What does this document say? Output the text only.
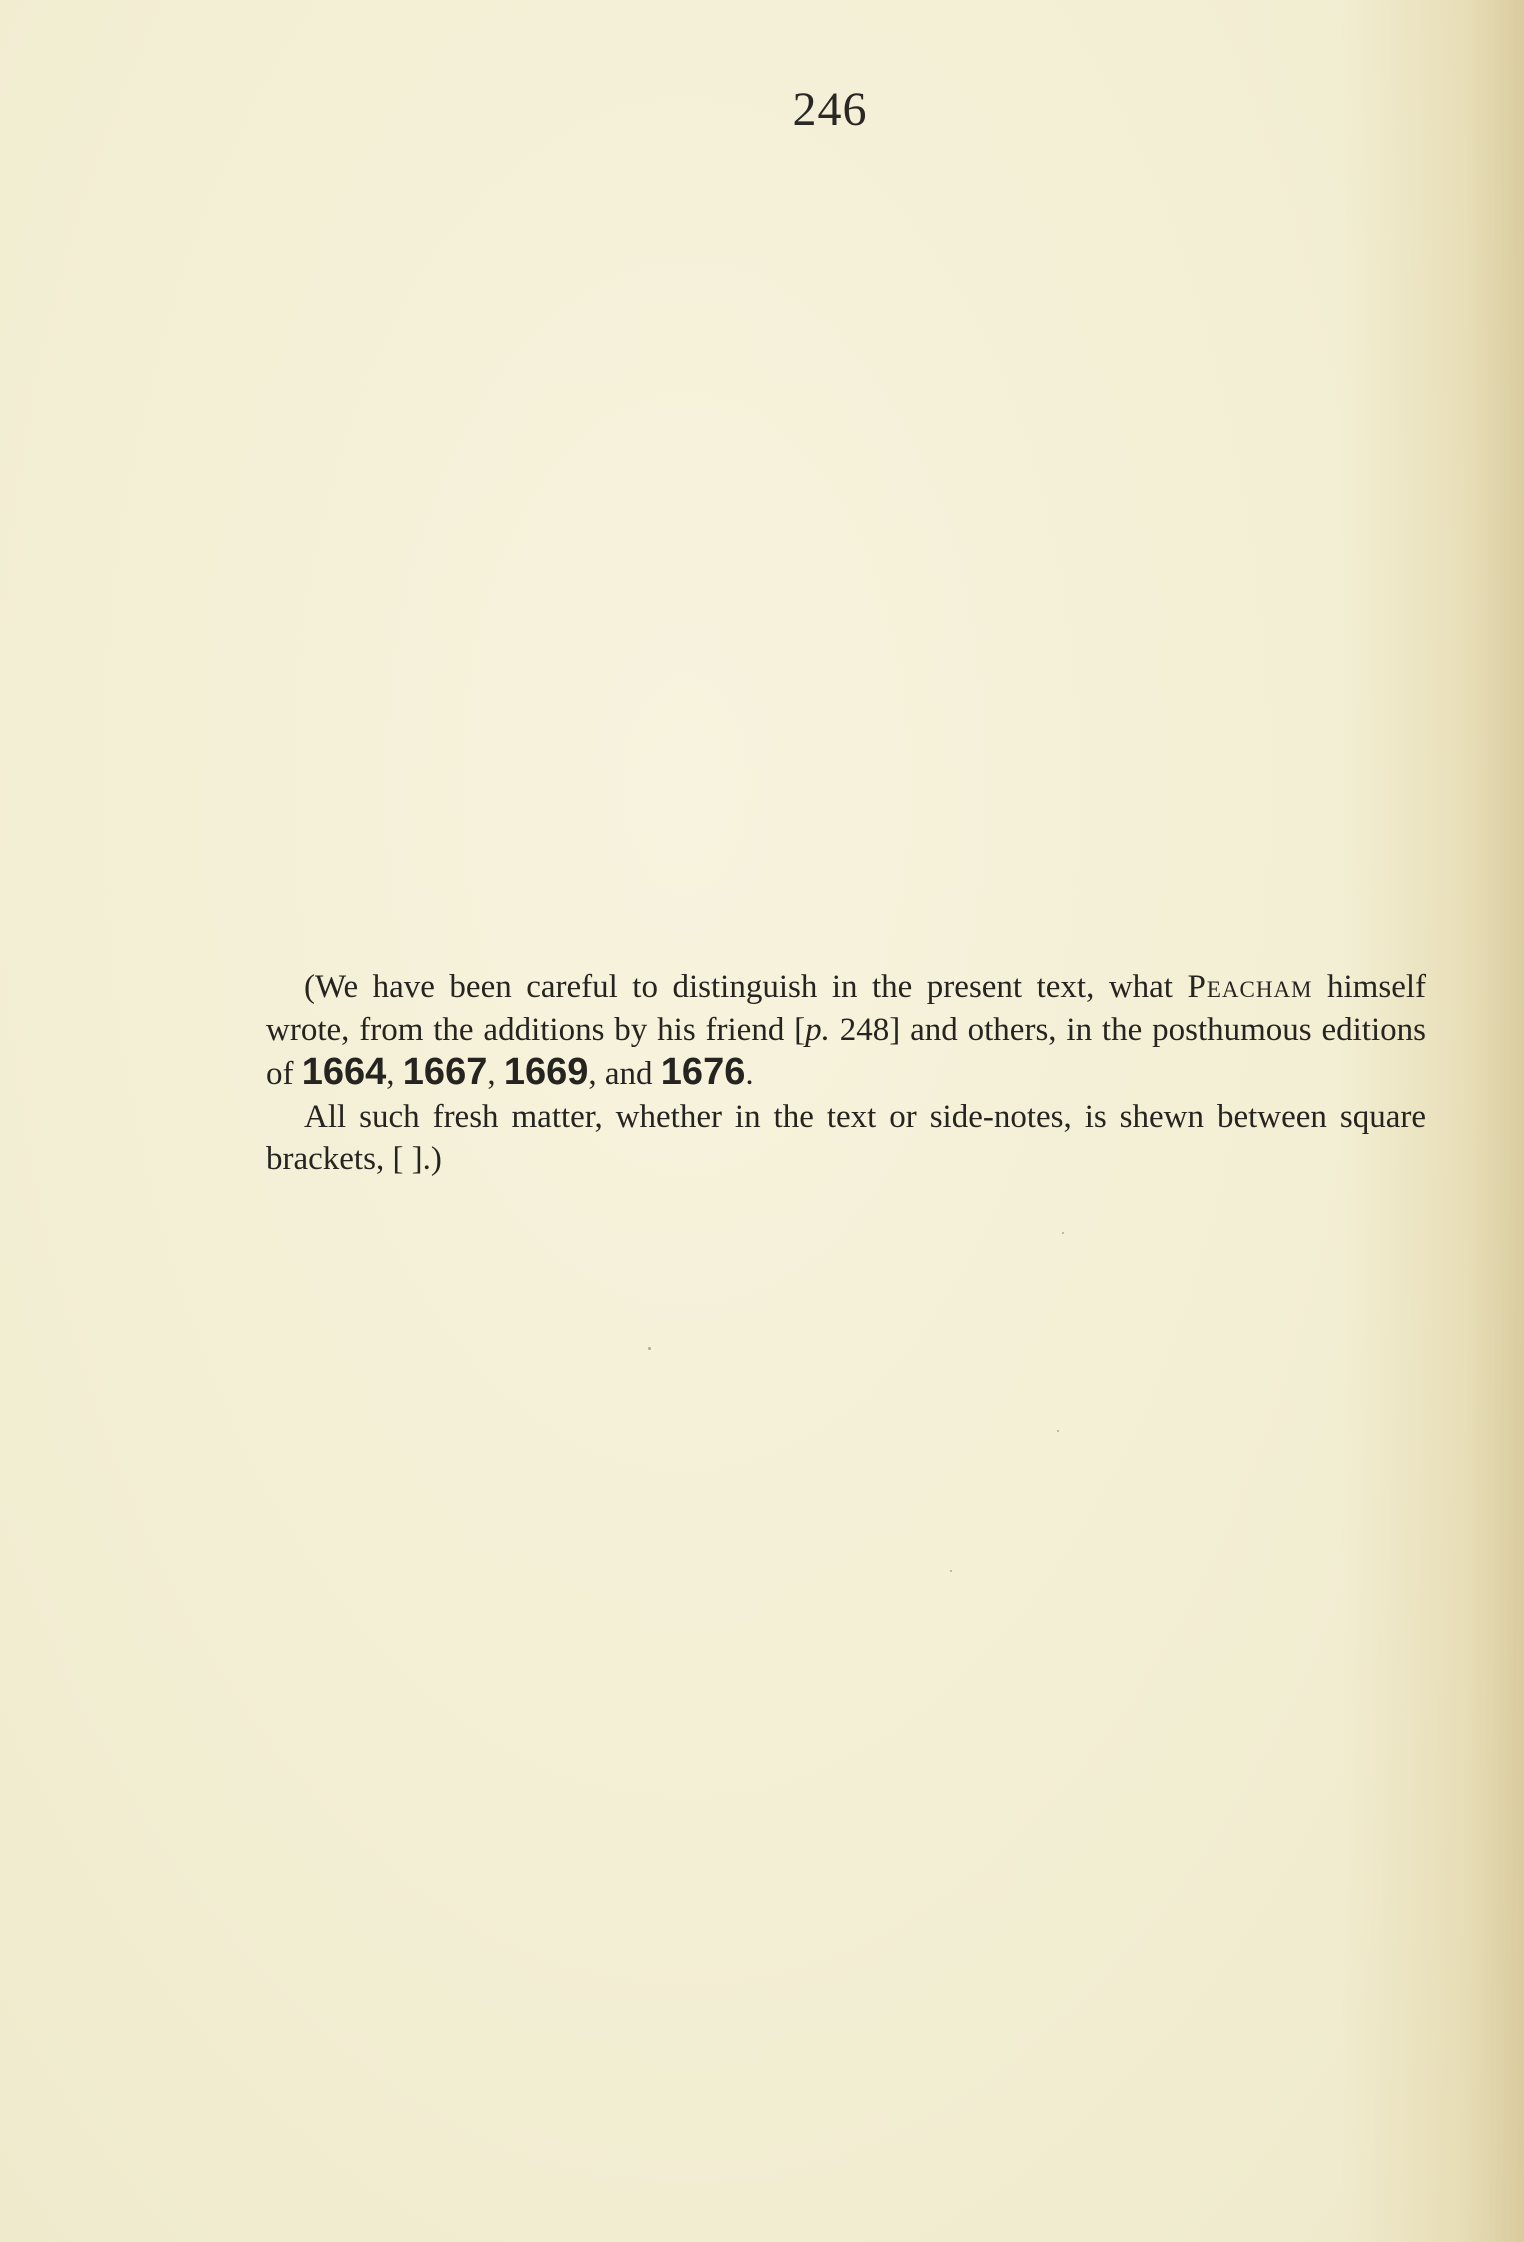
246

(We have been careful to distinguish in the present text, what Peacham himself wrote, from the additions by his friend [p. 248] and others, in the posthumous editions of 1664, 1667, 1669, and 1676.

All such fresh matter, whether in the text or side-notes, is shewn between square brackets, [ ].)
